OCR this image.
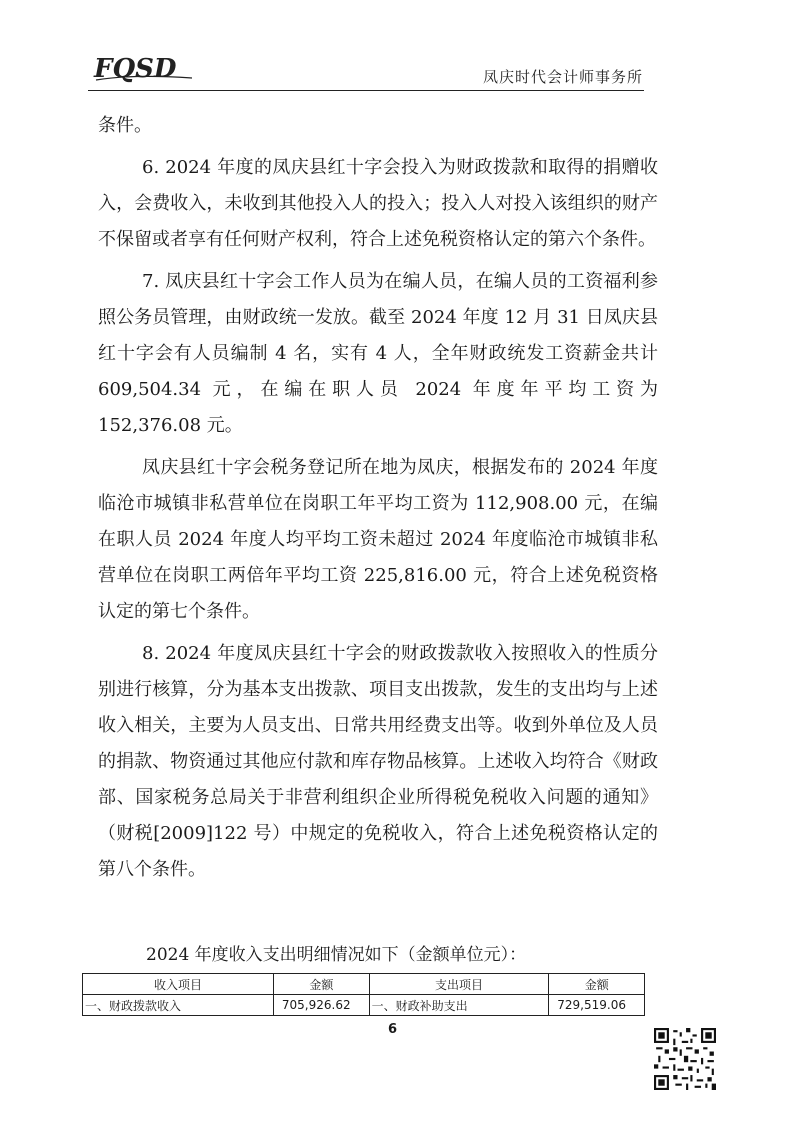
FQSD	凤庆时代会计师事务所

条件。

6. 2024 年度的凤庆县红十字会投入为财政拨款和取得的捐赠收入，会费收入，未收到其他投入人的投入；投入人对投入该组织的财产不保留或者享有任何财产权利，符合上述免税资格认定的第六个条件。

7. 凤庆县红十字会工作人员为在编人员，在编人员的工资福利参照公务员管理，由财政统一发放。截至 2024 年度 12 月 31 日凤庆县红十字会有人员编制 4 名，实有 4 人，全年财政统发工资薪金共计 609,504.34 元，在编在职人员 2024 年度年平均工资为 152,376.08 元。

凤庆县红十字会税务登记所在地为凤庆，根据发布的 2024 年度临沧市城镇非私营单位在岗职工年平均工资为 112,908.00 元，在编在职人员 2024 年度人均平均工资未超过 2024 年度临沧市城镇非私营单位在岗职工两倍年平均工资 225,816.00 元，符合上述免税资格认定的第七个条件。

8. 2024 年度凤庆县红十字会的财政拨款收入按照收入的性质分别进行核算，分为基本支出拨款、项目支出拨款，发生的支出均与上述收入相关，主要为人员支出、日常共用经费支出等。收到外单位及人员的捐款、物资通过其他应付款和库存物品核算。上述收入均符合《财政部、国家税务总局关于非营利组织企业所得税免税收入问题的通知》（财税[2009]122 号）中规定的免税收入，符合上述免税资格认定的第八个条件。

2024 年度收入支出明细情况如下（金额单位元）：
收入项目	金额	支出项目	金额
一、财政拨款收入	705,926.62	一、财政补助支出	729,519.06
6
